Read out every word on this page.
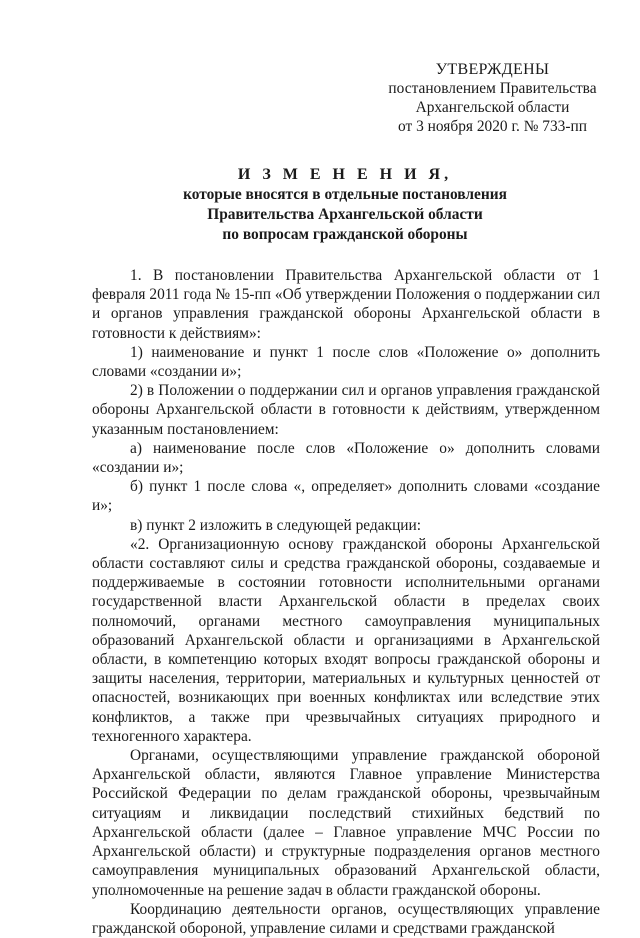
УТВЕРЖДЕНЫ
постановлением Правительства
Архангельской области
от 3 ноября 2020 г. № 733-пп
И З М Е Н Е Н И Я,
которые вносятся в отдельные постановления
Правительства Архангельской области
по вопросам гражданской обороны

1. В постановлении Правительства Архангельской области от 1 февраля 2011 года № 15-пп «Об утверждении Положения о поддержании сил и органов управления гражданской обороны Архангельской области в готовности к действиям»:

1) наименование и пункт 1 после слов «Положение о» дополнить словами «создании и»;

2) в Положении о поддержании сил и органов управления гражданской обороны Архангельской области в готовности к действиям, утвержденном указанным постановлением:

а) наименование после слов «Положение о» дополнить словами «создании и»;

б) пункт 1 после слова «, определяет» дополнить словами «создание и»;

в) пункт 2 изложить в следующей редакции:

«2. Организационную основу гражданской обороны Архангельской области составляют силы и средства гражданской обороны, создаваемые и поддерживаемые в состоянии готовности исполнительными органами государственной власти Архангельской области в пределах своих полномочий, органами местного самоуправления муниципальных образований Архангельской области и организациями в Архангельской области, в компетенцию которых входят вопросы гражданской обороны и защиты населения, территории, материальных и культурных ценностей от опасностей, возникающих при военных конфликтах или вследствие этих конфликтов, а также при чрезвычайных ситуациях природного и техногенного характера.

Органами, осуществляющими управление гражданской обороной Архангельской области, являются Главное управление Министерства Российской Федерации по делам гражданской обороны, чрезвычайным ситуациям и ликвидации последствий стихийных бедствий по Архангельской области (далее – Главное управление МЧС России по Архангельской области) и структурные подразделения органов местного самоуправления муниципальных образований Архангельской области, уполномоченные на решение задач в области гражданской обороны.

Координацию деятельности органов, осуществляющих управление гражданской обороной, управление силами и средствами гражданской
